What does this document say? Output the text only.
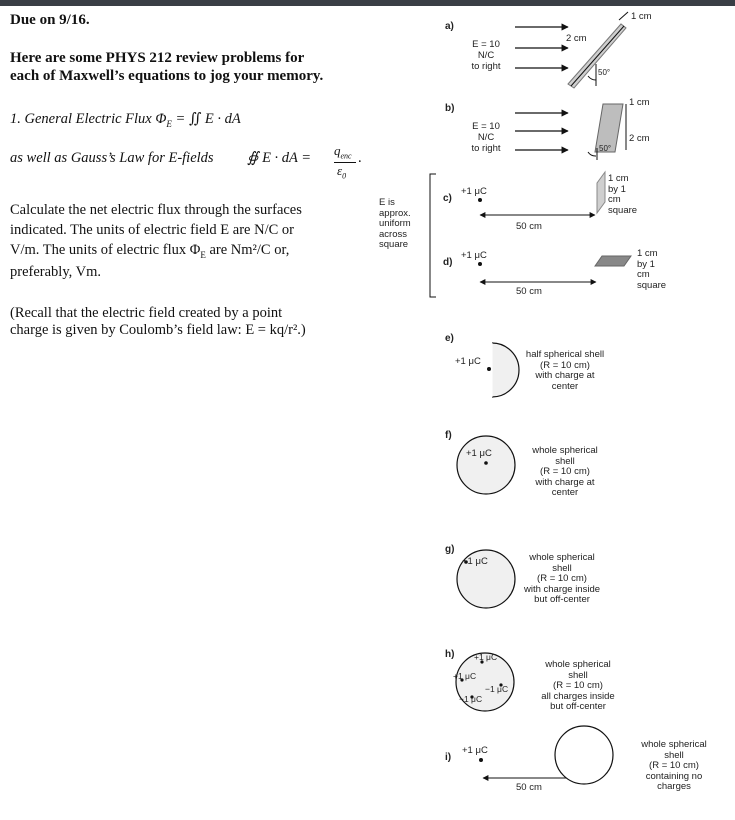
Due on 9/16.
Here are some PHYS 212 review problems for
each of Maxwell’s equations to jog your memory.
1. General Electric Flux $\Phi_E$ = ∬ E · dA
as well as Gauss’s Law for E-fields ∯ E · dA = $q_{enc}$
$\varepsilon_0$
.
Calculate the net electric flux through the surfaces
indicated. The units of electric field E are N/C or
V/m. The units of electric flux $\Phi_E$ are Nm²/C or,
preferably, Vm.
(Recall that the electric field created by a point
charge is given by Coulomb’s field law: E = kq/r².)
a)
E = 10
N/C
to right
1 cm
2 cm
50°
b)
E = 10
N/C
to right
1 cm
2 cm
50°
E is
approx.
uniform
across
square
c)
+1 μC
50 cm
1 cm
by 1
cm
square
d)
+1 μC
50 cm
1 cm
by 1
cm
square
e)
+1 μC
half spherical shell
(R = 10 cm)
with charge at
center
f)
+1 μC	whole spherical
shell
(R = 10 cm)
with charge at
center
g)
+1 μC	whole spherical
shell
(R = 10 cm)
with charge inside
but off-center
h) +1 μC
+1 μC
−1 μC
−1 μC
whole spherical
shell
(R = 10 cm)
all charges inside
but off-center
i)
+1 μC
50 cm
whole spherical
shell
(R = 10 cm)
containing no
charges
